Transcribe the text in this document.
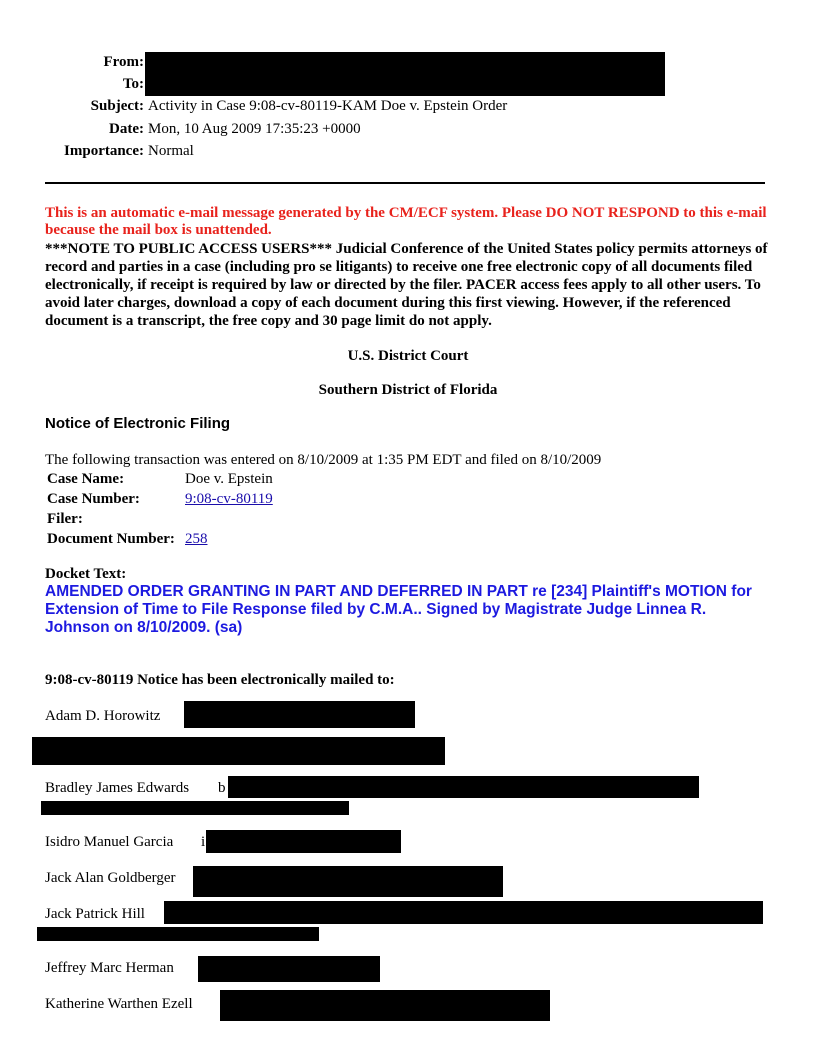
From:
To:
Subject: Activity in Case 9:08-cv-80119-KAM Doe v. Epstein Order
Date: Mon, 10 Aug 2009 17:35:23 +0000
Importance: Normal
This is an automatic e-mail message generated by the CM/ECF system. Please DO NOT RESPOND to this e-mail because the mail box is unattended.
***NOTE TO PUBLIC ACCESS USERS*** Judicial Conference of the United States policy permits attorneys of record and parties in a case (including pro se litigants) to receive one free electronic copy of all documents filed electronically, if receipt is required by law or directed by the filer. PACER access fees apply to all other users. To avoid later charges, download a copy of each document during this first viewing. However, if the referenced document is a transcript, the free copy and 30 page limit do not apply.
U.S. District Court
Southern District of Florida
Notice of Electronic Filing
The following transaction was entered on 8/10/2009 at 1:35 PM EDT and filed on 8/10/2009
Case Name:	Doe v. Epstein
Case Number:	9:08-cv-80119
Filer:
Document Number: 258
Docket Text:
AMENDED ORDER GRANTING IN PART AND DEFERRED IN PART re [234] Plaintiff's MOTION for Extension of Time to File Response filed by C.M.A.. Signed by Magistrate Judge Linnea R. Johnson on 8/10/2009. (sa)
9:08-cv-80119 Notice has been electronically mailed to:
Adam D. Horowitz
Bradley James Edwards b
Isidro Manuel Garcia i
Jack Alan Goldberger
Jack Patrick Hill
Jeffrey Marc Herman
Katherine Warthen Ezell
